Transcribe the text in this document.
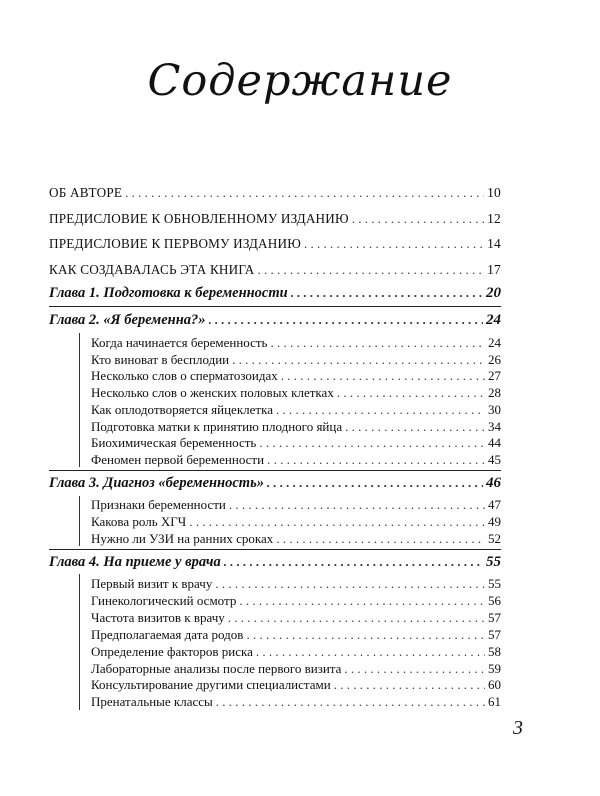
Содержание
ОБ АВТОРЕ . . .	10
ПРЕДИСЛОВИЕ К ОБНОВЛЕННОМУ ИЗДАНИЮ . . .	12
ПРЕДИСЛОВИЕ К ПЕРВОМУ ИЗДАНИЮ . . .	14
КАК СОЗДАВАЛАСЬ ЭТА КНИГА . . .	17
Глава 1. Подготовка к беременности . . .	20
Глава 2. «Я беременна?» . . .	24
Когда начинается беременность . . .	24
Кто виноват в бесплодии . . .	26
Несколько слов о сперматозоидах . . .	27
Несколько слов о женских половых клетках . . .	28
Как оплодотворяется яйцеклетка . . .	30
Подготовка матки к принятию плодного яйца . . .	34
Биохимическая беременность . . .	44
Феномен первой беременности . . .	45
Глава 3. Диагноз «беременность» . . .	46
Признаки беременности . . .	47
Какова роль ХГЧ . . .	49
Нужно ли УЗИ на ранних сроках . . .	52
Глава 4. На приеме у врача . . .	55
Первый визит к врачу . . .	55
Гинекологический осмотр . . .	56
Частота визитов к врачу . . .	57
Предполагаемая дата родов . . .	57
Определение факторов риска . . .	58
Лабораторные анализы после первого визита . . .	59
Консультирование другими специалистами . . .	60
Пренатальные классы . . .	61
3
